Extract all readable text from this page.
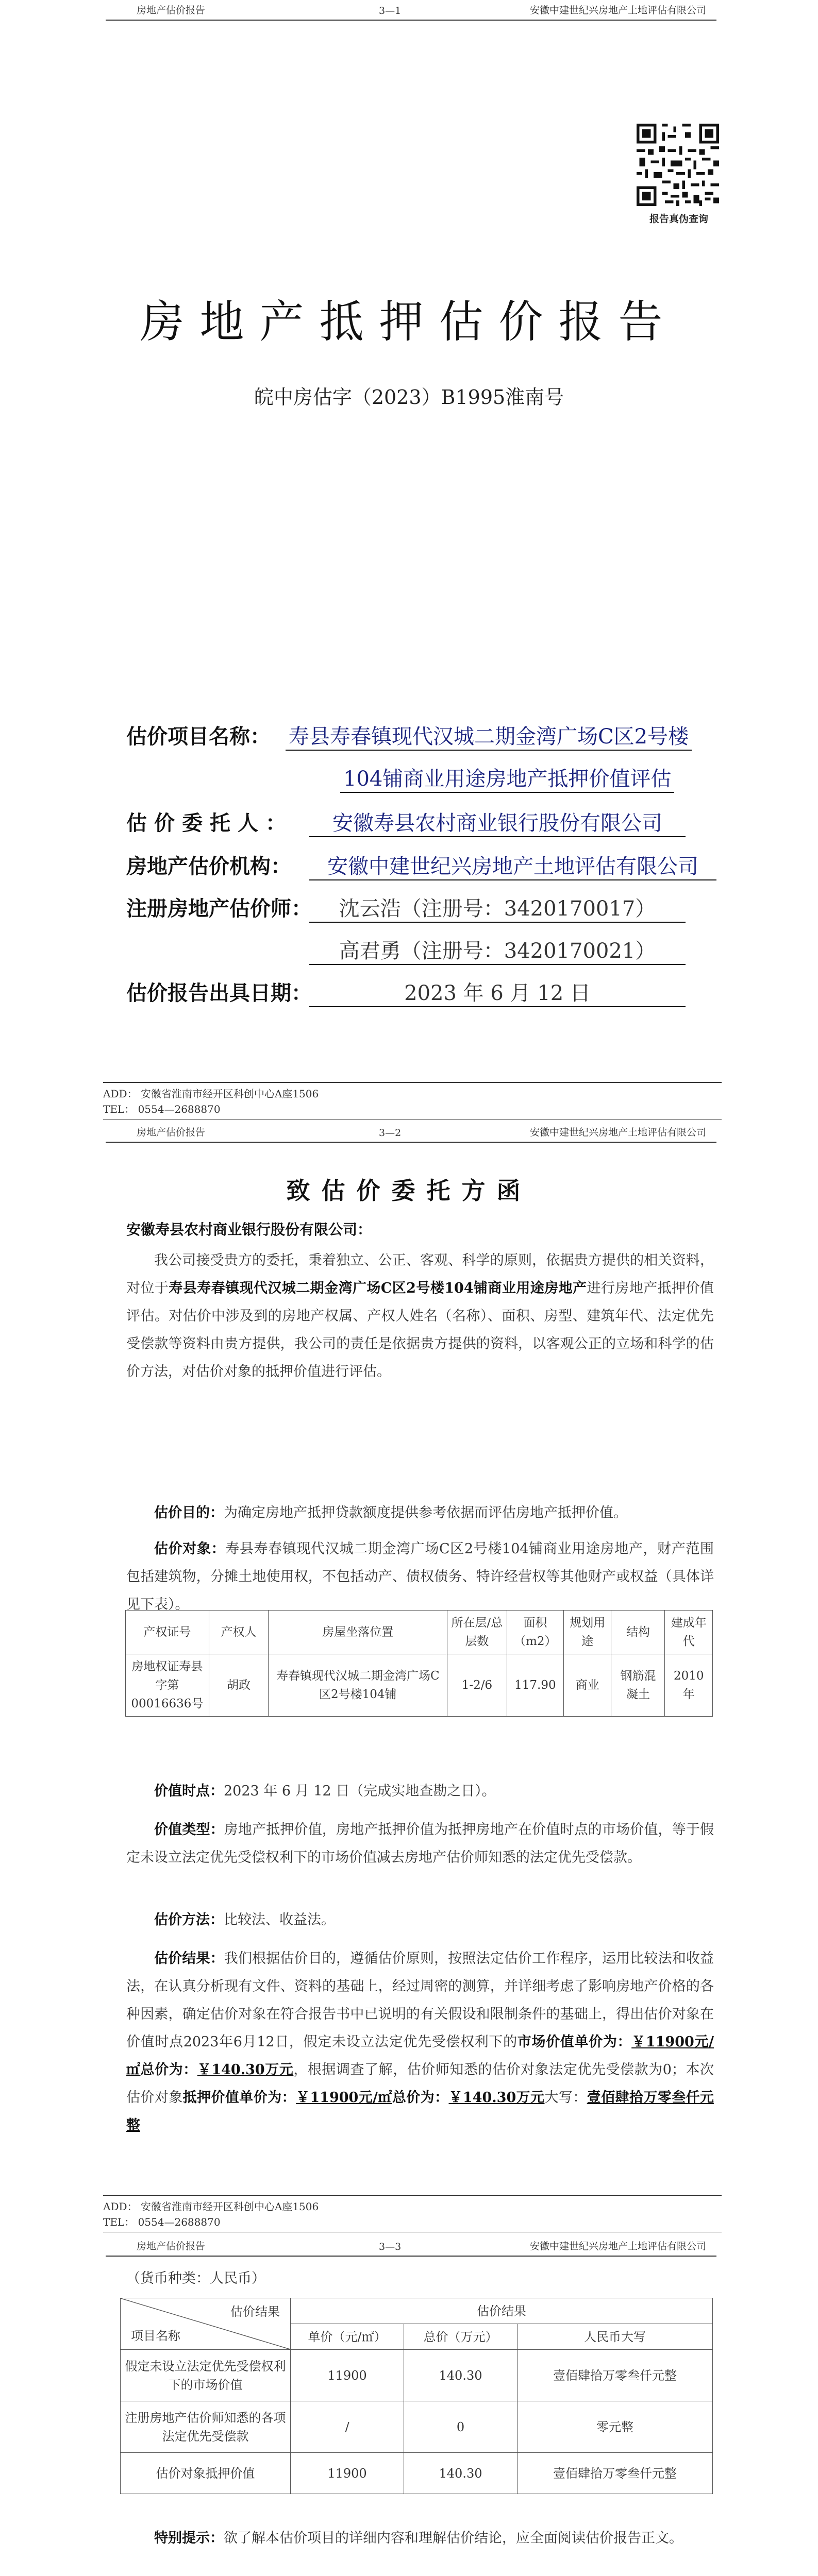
房地产估价报告	3—1	安徽中建世纪兴房地产土地评估有限公司
报告真伪查询
房地产抵押估价报告
皖中房估字（2023）B1995淮南号
估价项目名称： 寿县寿春镇现代汉城二期金湾广场C区2号楼
104铺商业用途房地产抵押价值评估
估价委托人：	安徽寿县农村商业银行股份有限公司
房地产估价机构：	安徽中建世纪兴房地产土地评估有限公司
注册房地产估价师：	沈云浩（注册号：3420170017）
高君勇（注册号：3420170021）
估价报告出具日期：	2023 年 6 月 12 日
ADD： 安徽省淮南市经开区科创中心A座1506
TEL： 0554—2688870
房地产估价报告	3—2	安徽中建世纪兴房地产土地评估有限公司
致估价委托方函
安徽寿县农村商业银行股份有限公司：

我公司接受贵方的委托，秉着独立、公正、客观、科学的原则，依据贵方提供的相关资料，对位于寿县寿春镇现代汉城二期金湾广场C区2号楼104铺商业用途房地产进行房地产抵押价值评估。对估价中涉及到的房地产权属、产权人姓名（名称）、面积、房型、建筑年代、法定优先受偿款等资料由贵方提供，我公司的责任是依据贵方提供的资料，以客观公正的立场和科学的估价方法，对估价对象的抵押价值进行评估。

估价目的：为确定房地产抵押贷款额度提供参考依据而评估房地产抵押价值。

估价对象：寿县寿春镇现代汉城二期金湾广场C区2号楼104铺商业用途房地产，财产范围包括建筑物，分摊土地使用权，不包括动产、债权债务、特许经营权等其他财产或权益（具体详见下表）。

产权证号	产权人	房屋坐落位置	所在层/总层数	面积（m2）	规划用途	结构	建成年代
房地权证寿县字第00016636号	胡政	寿春镇现代汉城二期金湾广场C区2号楼104铺	1-2/6	117.90	商业	钢筋混凝土	2010年

价值时点：2023 年 6 月 12 日（完成实地查勘之日）。

价值类型：房地产抵押价值，房地产抵押价值为抵押房地产在价值时点的市场价值，等于假定未设立法定优先受偿权利下的市场价值减去房地产估价师知悉的法定优先受偿款。

估价方法：比较法、收益法。

估价结果：我们根据估价目的，遵循估价原则，按照法定估价工作程序，运用比较法和收益法，在认真分析现有文件、资料的基础上，经过周密的测算，并详细考虑了影响房地产价格的各种因素，确定估价对象在符合报告书中已说明的有关假设和限制条件的基础上，得出估价对象在价值时点2023年6月12日，假定未设立法定优先受偿权利下的市场价值单价为：￥11900元/㎡总价为：￥140.30万元，根据调查了解，估价师知悉的估价对象法定优先受偿款为0；本次估价对象抵押价值单价为：￥11900元/㎡总价为：￥140.30万元大写：壹佰肆拾万零叁仟元整

ADD： 安徽省淮南市经开区科创中心A座1506
TEL： 0554—2688870
房地产估价报告	3—3	安徽中建世纪兴房地产土地评估有限公司
（货币种类：人民币）
估价结果
项目名称	估价结果		
	单价（元/㎡）	总价（万元）	人民币大写
假定未设立法定优先受偿权利下的市场价值	11900	140.30	壹佰肆拾万零叁仟元整
注册房地产估价师知悉的各项法定优先受偿款	/	0	零元整
估价对象抵押价值	11900	140.30	壹佰肆拾万零叁仟元整

特别提示：欲了解本估价项目的详细内容和理解估价结论，应全面阅读估价报告正文。
